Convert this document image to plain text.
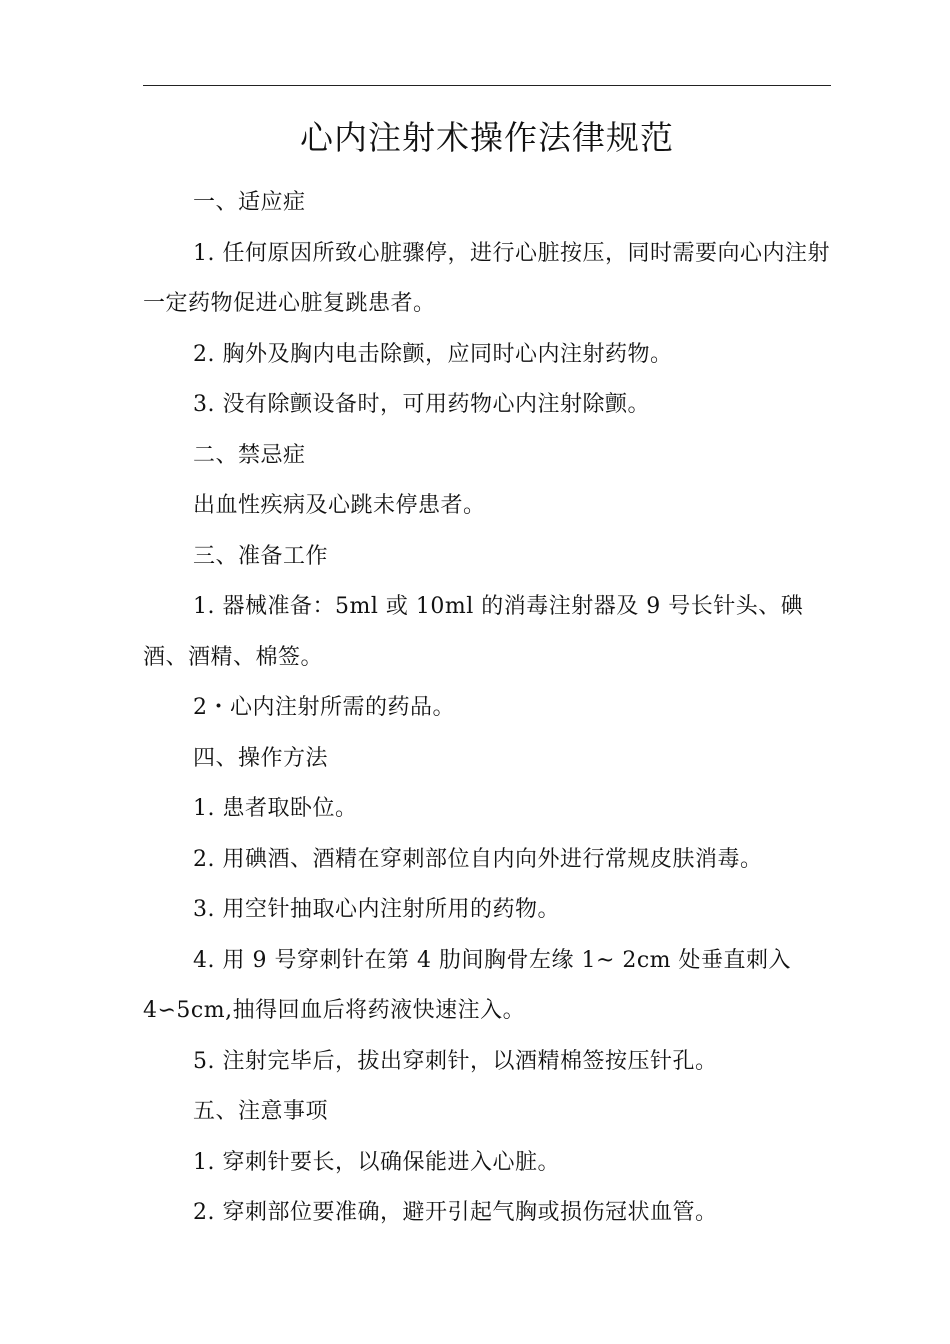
心内注射术操作法律规范

一、适应症

1. 任何原因所致心脏骤停，进行心脏按压，同时需要向心内注射一定药物促进心脏复跳患者。

2. 胸外及胸内电击除颤，应同时心内注射药物。

3. 没有除颤设备时，可用药物心内注射除颤。

二、禁忌症

出血性疾病及心跳未停患者。

三、准备工作

1. 器械准备：5ml 或 10ml 的消毒注射器及 9 号长针头、碘酒、酒精、棉签。

2・心内注射所需的药品。

四、操作方法

1. 患者取卧位。

2. 用碘酒、酒精在穿刺部位自内向外进行常规皮肤消毒。

3. 用空针抽取心内注射所用的药物。

4. 用 9 号穿刺针在第 4 肋间胸骨左缘 1~ 2cm 处垂直刺入 4∽5cm,抽得回血后将药液快速注入。

5. 注射完毕后，拔出穿刺针，以酒精棉签按压针孔。

五、注意事项

1. 穿刺针要长，以确保能进入心脏。

2. 穿刺部位要准确，避开引起气胸或损伤冠状血管。
